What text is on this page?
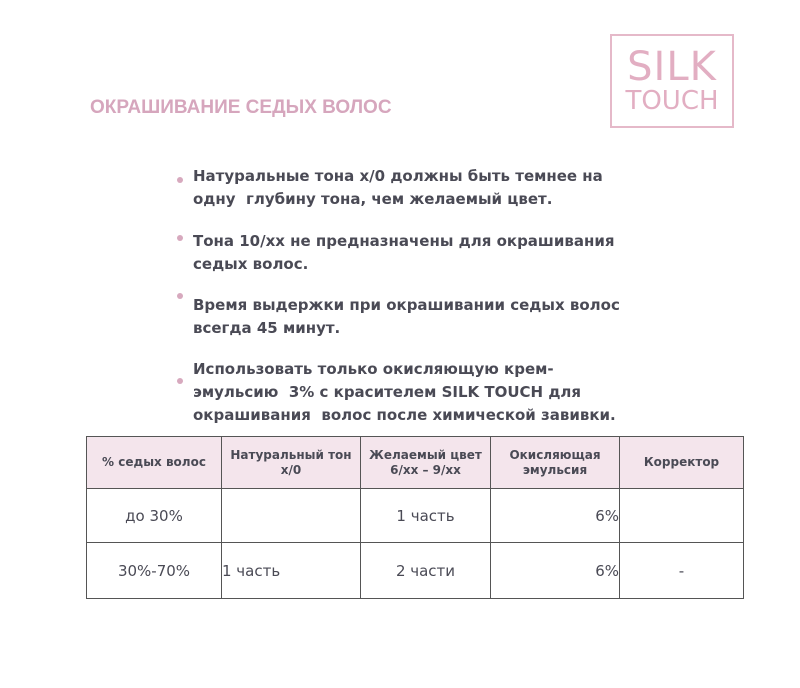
SILK
TOUCH
ОКРАШИВАНИЕ СЕДЫХ ВОЛОС
Натуральные тона х/0 должны быть темнее на
одну  глубину тона, чем желаемый цвет.
Тона 10/хх не предназначены для окрашивания
седых волос.
Время выдержки при окрашивании седых волос
всегда 45 минут.
Использовать только окисляющую крем-
эмульсию  3% с красителем SILK TOUCH для
окрашивания  волос после химической завивки.
% седых волос	Натуральный тон х/0	Желаемый цвет 6/хх – 9/хх	Окисляющая эмульсия	Корректор
до 30%		1 часть	6%	
30%-70%	1 часть	2 части	6%	-
